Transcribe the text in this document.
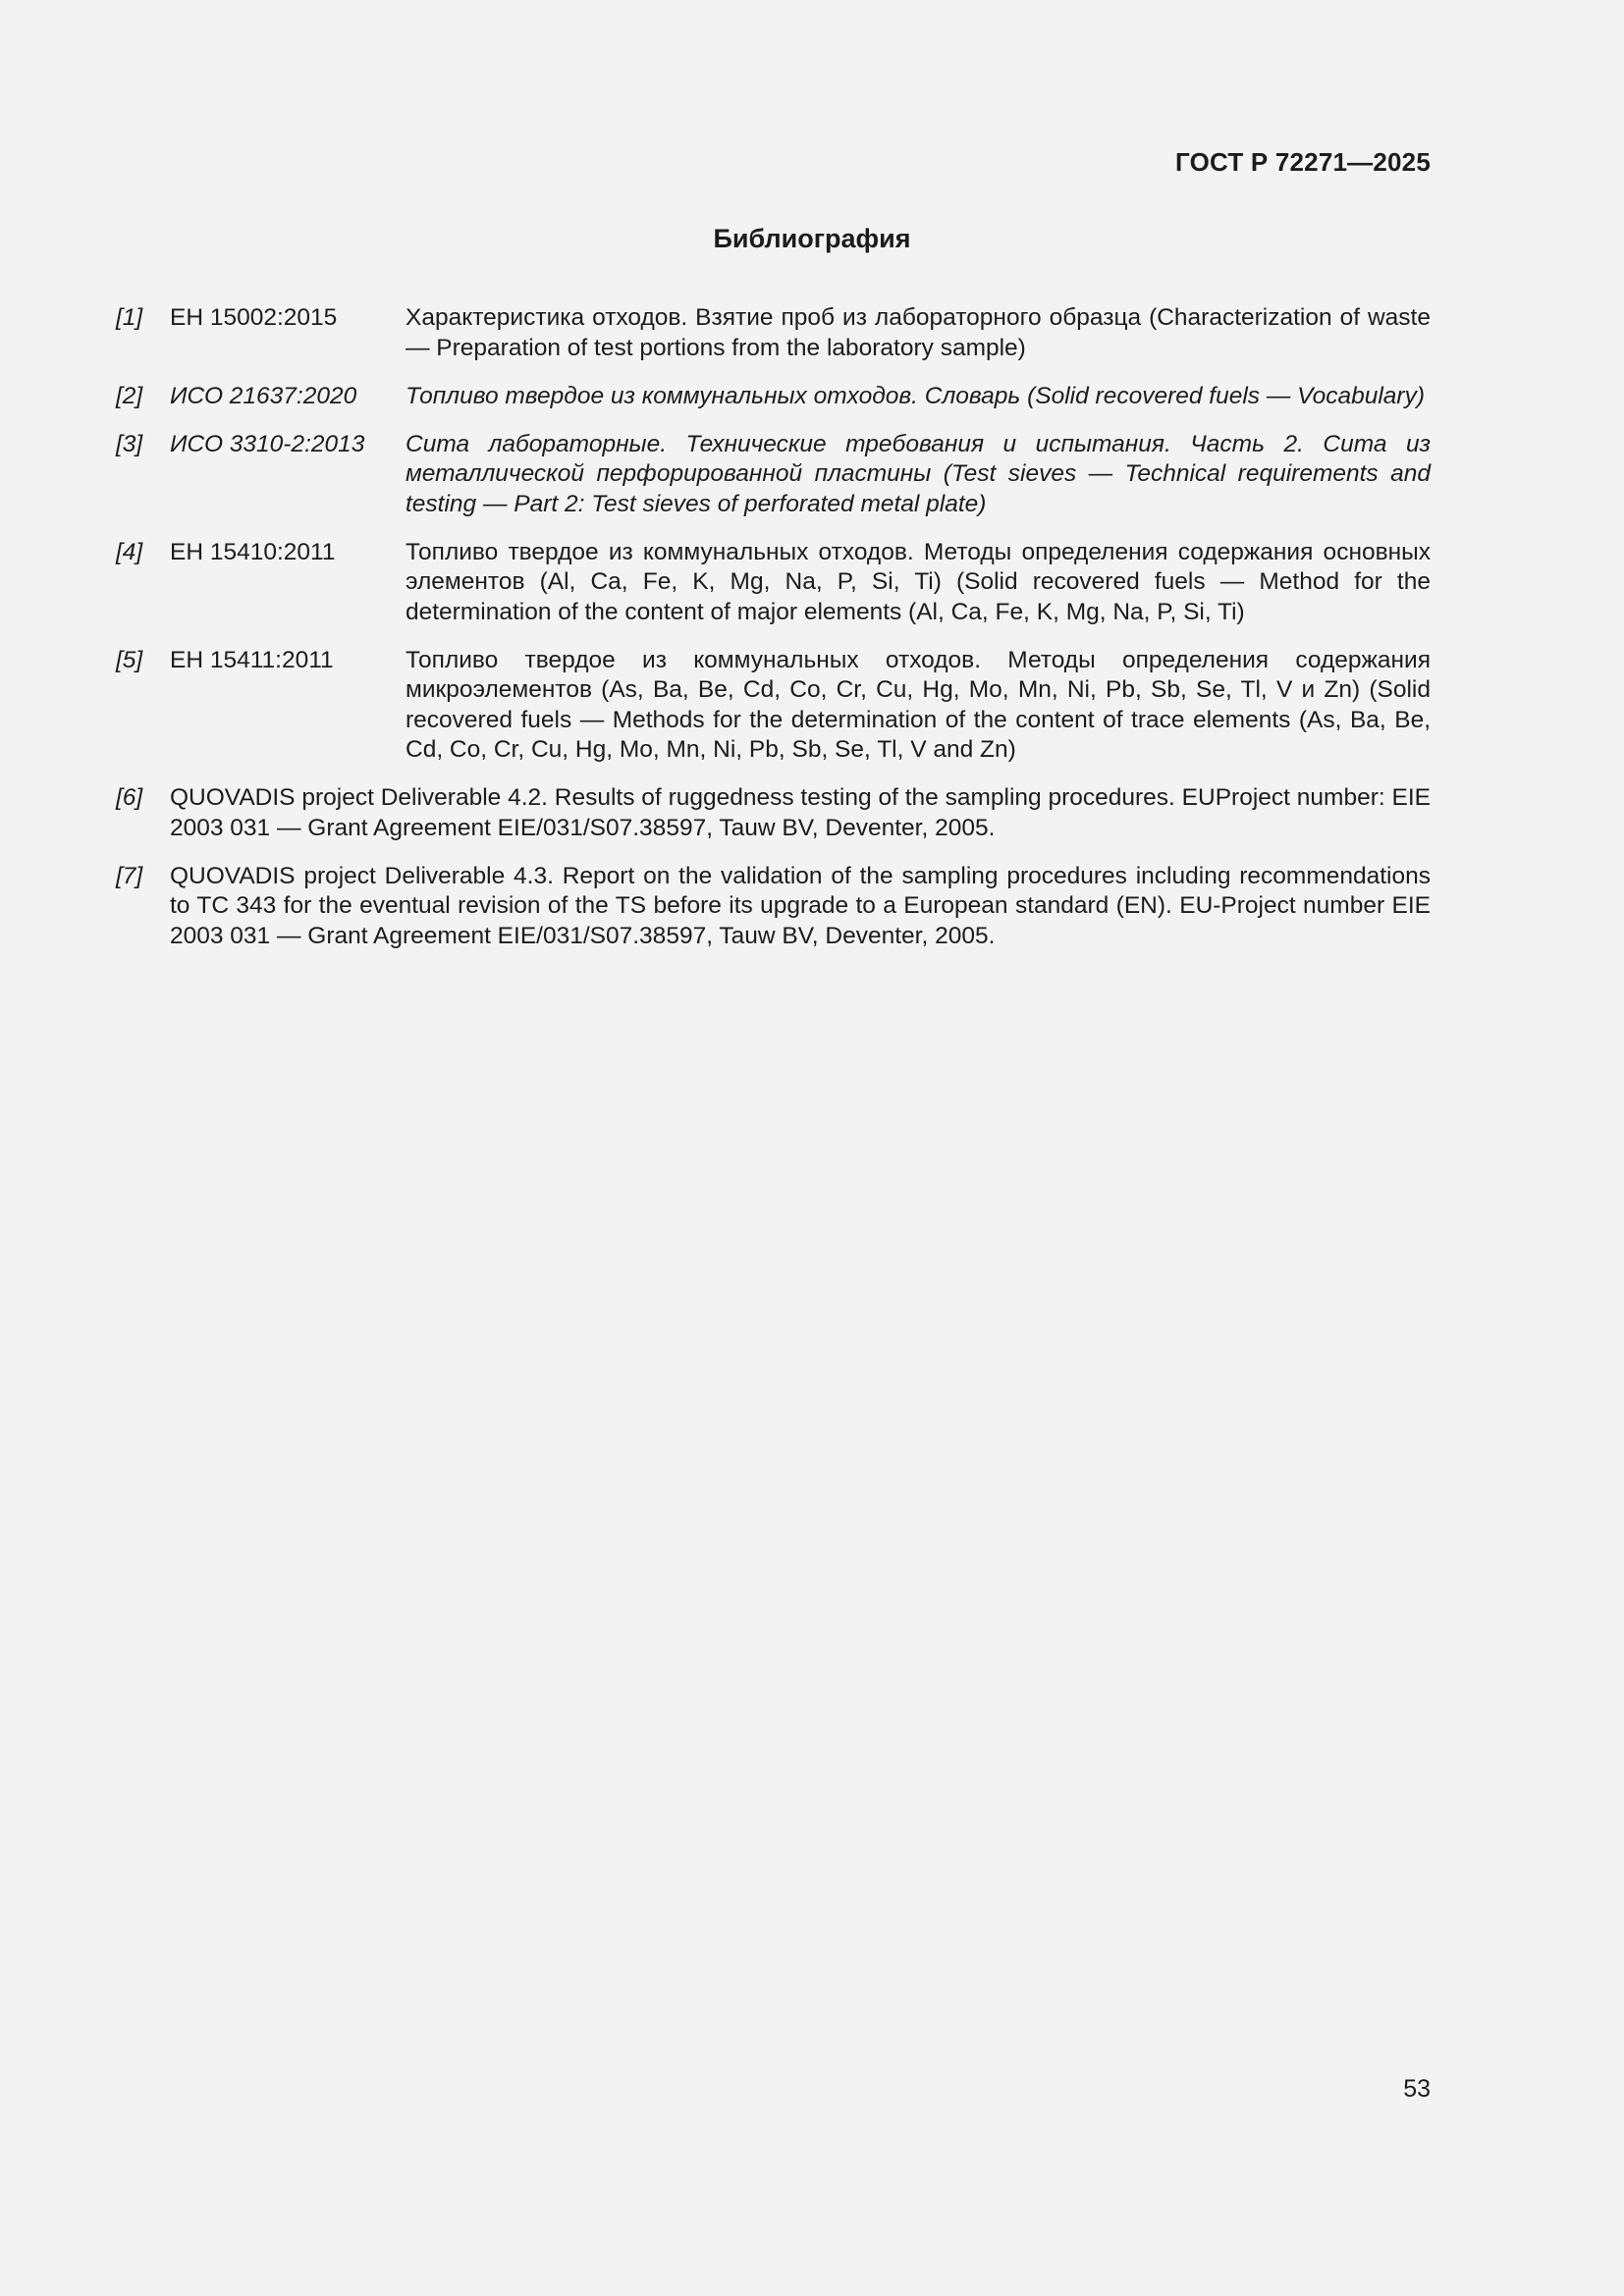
ГОСТ Р 72271—2025
Библиография
[1] ЕН 15002:2015	Характеристика отходов. Взятие проб из лабораторного образца (Characterization of waste — Preparation of test portions from the laboratory sample)
[2] ИСО 21637:2020 Топливо твердое из коммунальных отходов. Словарь (Solid recovered fuels — Vocabulary)
[3] ИСО 3310-2:2013 Сита лабораторные. Технические требования и испытания. Часть 2. Сита из металлической перфорированной пластины (Test sieves — Technical requirements and testing — Part 2: Test sieves of perforated metal plate)
[4] ЕН 15410:2011	Топливо твердое из коммунальных отходов. Методы определения содержания основных элементов (Al, Ca, Fe, K, Mg, Na, P, Si, Ti) (Solid recovered fuels — Method for the determination of the content of major elements (Al, Ca, Fe, K, Mg, Na, P, Si, Ti)
[5] ЕН 15411:2011	Топливо твердое из коммунальных отходов. Методы определения содержания микроэлементов (As, Ba, Be, Cd, Co, Cr, Cu, Hg, Mo, Mn, Ni, Pb, Sb, Se, Tl, V и Zn) (Solid recovered fuels — Methods for the determination of the content of trace elements (As, Ba, Be, Cd, Co, Cr, Cu, Hg, Mo, Mn, Ni, Pb, Sb, Se, Tl, V and Zn)
[6] QUOVADIS project Deliverable 4.2. Results of ruggedness testing of the sampling procedures. EUProject number: EIE 2003 031 — Grant Agreement EIE/031/S07.38597, Tauw BV, Deventer, 2005.
[7] QUOVADIS project Deliverable 4.3. Report on the validation of the sampling procedures including recommendations to TC 343 for the eventual revision of the TS before its upgrade to a European standard (EN). EU-Project number EIE 2003 031 — Grant Agreement EIE/031/S07.38597, Tauw BV, Deventer, 2005.
53
